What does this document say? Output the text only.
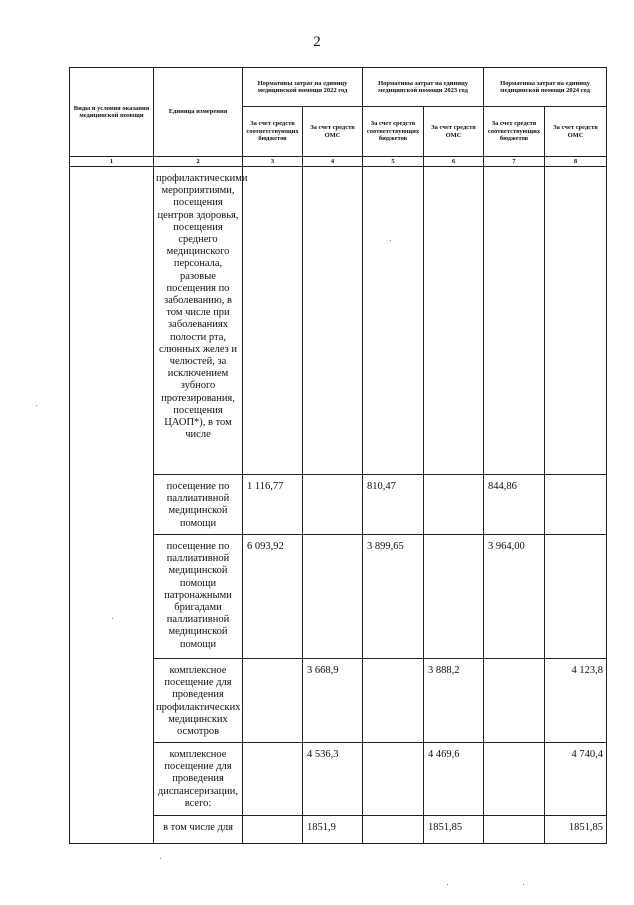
2
Виды и условия оказания медицинской помощи	Единица измерения	Нормативы затрат на единицу медицинской помощи 2022 год		Нормативы затрат на единицу медицинской помощи 2023 год		Нормативы затрат на единицу медицинской помощи 2024 год	
		За счет средств соответствующих бюджетов	За счет средств ОМС	За счет средств соответствующих бюджетов	За счет средств ОМС	За счет средств соответствующих бюджетов	За счет средств ОМС
1	2	3	4	5	6	7	8
	профилактическими мероприятиями, посещения центров здоровья, посещения среднего медицинского персонала, разовые посещения по заболеванию, в том числе при заболеваниях полости рта, слюнных желез и челюстей, за исключением зубного протезирования, посещения ЦАОП*), в том числе						
	посещение по паллиативной медицинской помощи	1 116,77		810,47		844,86	
	посещение по паллиативной медицинской помощи патронажными бригадами паллиативной медицинской помощи	6 093,92		3 899,65		3 964,00	
	комплексное посещение для проведения профилактических медицинских осмотров		3 668,9		3 888,2		4 123,8
	комплексное посещение для проведения диспансеризации, всего:		4 536,3		4 469,6		4 740,4
	в том числе для		1851,9		1851,85		1851,85
